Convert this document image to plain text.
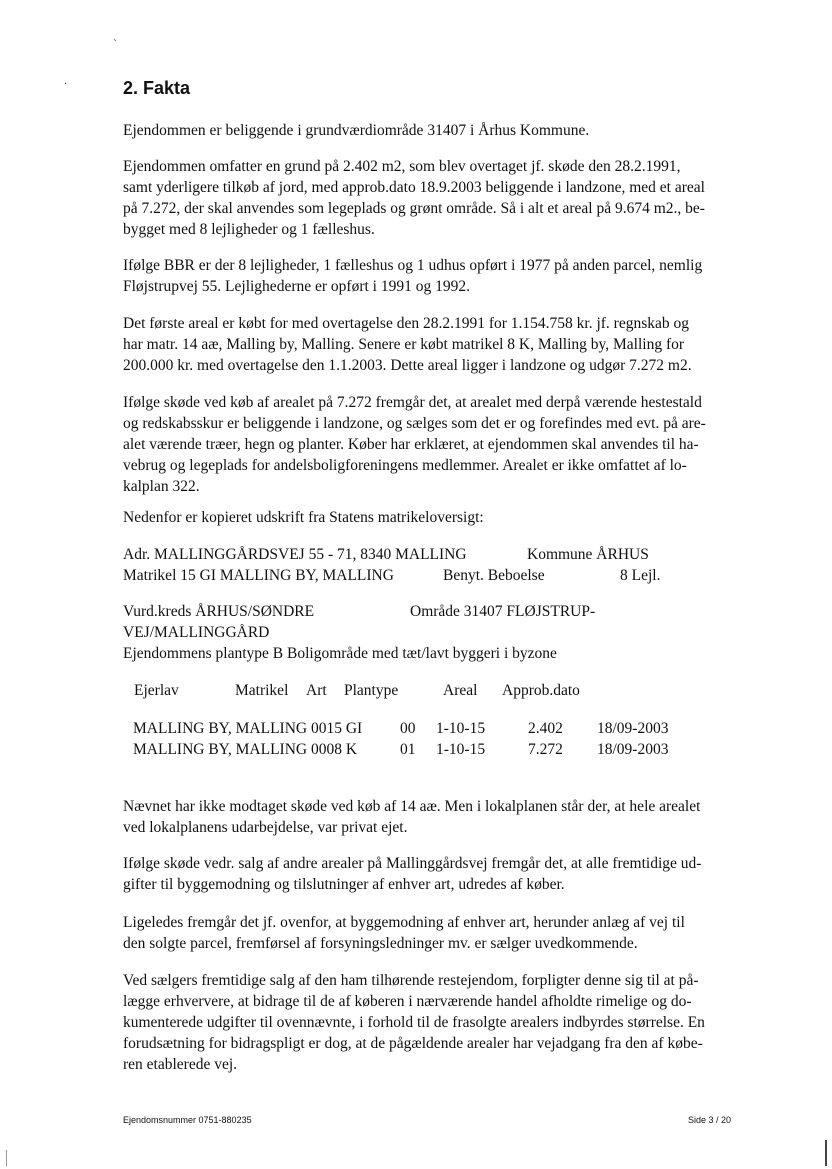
`
·	2. Fakta
Ejendommen er beliggende i grundværdiområde 31407 i Århus Kommune.
Ejendommen omfatter en grund på 2.402 m2, som blev overtaget jf. skøde den 28.2.1991,
samt yderligere tilkøb af jord, med approb.dato 18.9.2003 beliggende i landzone, med et areal
på 7.272, der skal anvendes som legeplads og grønt område. Så i alt et areal på 9.674 m2., be-
bygget med 8 lejligheder og 1 fælleshus.
Ifølge BBR er der 8 lejligheder, 1 fælleshus og 1 udhus opført i 1977 på anden parcel, nemlig
Fløjstrupvej 55. Lejlighederne er opført i 1991 og 1992.
Det første areal er købt for med overtagelse den 28.2.1991 for 1.154.758 kr. jf. regnskab og
har matr. 14 aæ, Malling by, Malling. Senere er købt matrikel 8 K, Malling by, Malling for
200.000 kr. med overtagelse den 1.1.2003. Dette areal ligger i landzone og udgør 7.272 m2.
Ifølge skøde ved køb af arealet på 7.272 fremgår det, at arealet med derpå værende hestestald
og redskabsskur er beliggende i landzone, og sælges som det er og forefindes med evt. på are-
alet værende træer, hegn og planter. Køber har erklæret, at ejendommen skal anvendes til ha-
vebrug og legeplads for andelsboligforeningens medlemmer. Arealet er ikke omfattet af lo-
kalplan 322.
Nedenfor er kopieret udskrift fra Statens matrikeloversigt:
Adr. MALLINGGÅRDSVEJ 55 - 71, 8340 MALLING	Kommune ÅRHUS
Matrikel 15 GI MALLING BY, MALLING	Benyt. Beboelse	8 Lejl.
Vurd.kreds ÅRHUS/SØNDRE	Område 31407 FLØJSTRUP-
VEJ/MALLINGGÅRD
Ejendommens plantype B Boligområde med tæt/lavt byggeri i byzone
Ejerlav	Matrikel Art Plantype	Areal Approb.dato
MALLING BY, MALLING 0015 GI 00 1-10-15	2.402 18/09-2003
MALLING BY, MALLING 0008 K	01 1-10-15	7.272 18/09-2003
Nævnet har ikke modtaget skøde ved køb af 14 aæ. Men i lokalplanen står der, at hele arealet
ved lokalplanens udarbejdelse, var privat ejet.
Ifølge skøde vedr. salg af andre arealer på Mallinggårdsvej fremgår det, at alle fremtidige ud-
gifter til byggemodning og tilslutninger af enhver art, udredes af køber.
Ligeledes fremgår det jf. ovenfor, at byggemodning af enhver art, herunder anlæg af vej til
den solgte parcel, fremførsel af forsyningsledninger mv. er sælger uvedkommende.
Ved sælgers fremtidige salg af den ham tilhørende restejendom, forpligter denne sig til at på-
lægge erhververe, at bidrage til de af køberen i nærværende handel afholdte rimelige og do-
kumenterede udgifter til ovennævnte, i forhold til de frasolgte arealers indbyrdes størrelse. En
forudsætning for bidragspligt er dog, at de pågældende arealer har vejadgang fra den af købe-
ren etablerede vej.
Ejendomsnummer 0751-880235	Side 3 / 20
